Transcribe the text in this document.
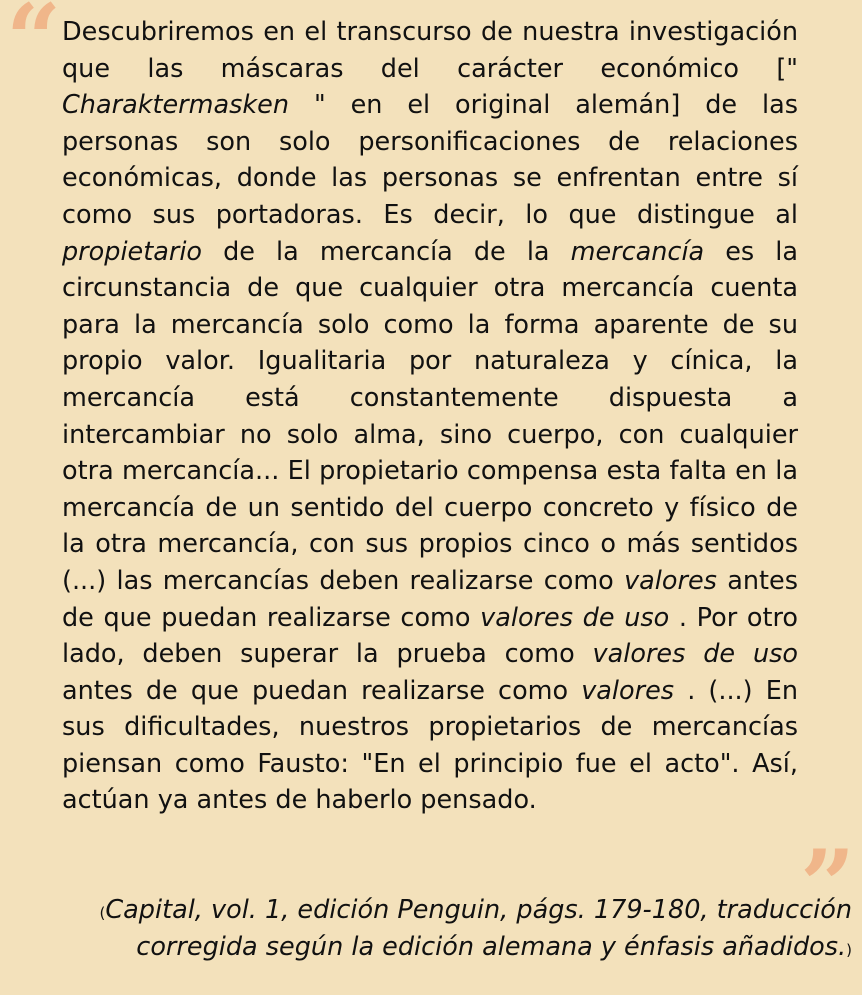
“ Descubriremos en el transcurso de nuestra investigación que las máscaras del carácter económico [" Charaktermasken " en el original alemán] de las personas son solo personificaciones de relaciones económicas, donde las personas se enfrentan entre sí como sus portadoras. Es decir, lo que distingue al propietario de la mercancía de la mercancía es la circunstancia de que cualquier otra mercancía cuenta para la mercancía solo como la forma aparente de su propio valor. Igualitaria por naturaleza y cínica, la mercancía está constantemente dispuesta a intercambiar no solo alma, sino cuerpo, con cualquier otra mercancía... El propietario compensa esta falta en la mercancía de un sentido del cuerpo concreto y físico de la otra mercancía, con sus propios cinco o más sentidos (...) las mercancías deben realizarse como valores antes de que puedan realizarse como valores de uso . Por otro lado, deben superar la prueba como valores de uso antes de que puedan realizarse como valores . (...) En sus dificultades, nuestros propietarios de mercancías piensan como Fausto: "En el principio fue el acto". Así, actúan ya antes de haberlo pensado.

”

(Capital, vol. 1, edición Penguin, págs. 179-180, traducción corregida según la edición alemana y énfasis añadidos.)
